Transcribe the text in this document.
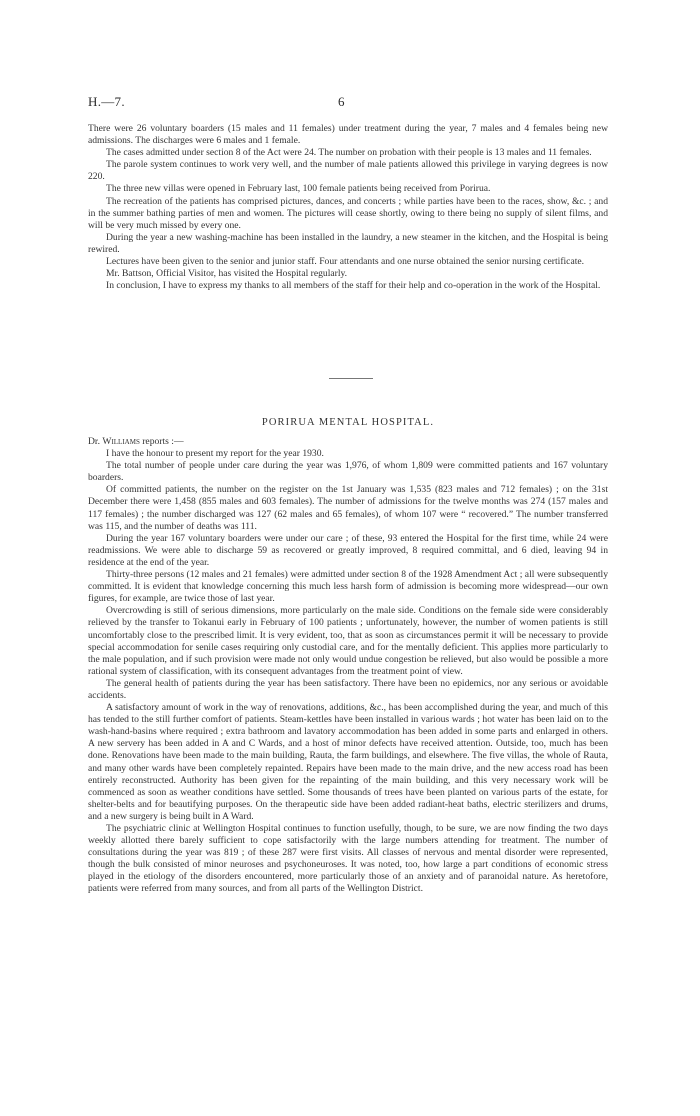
H.—7.	6

There were 26 voluntary boarders (15 males and 11 females) under treatment during the year, 7 males and 4 females being new admissions. The discharges were 6 males and 1 female.

The cases admitted under section 8 of the Act were 24. The number on probation with their people is 13 males and 11 females.

The parole system continues to work very well, and the number of male patients allowed this privilege in varying degrees is now 220.

The three new villas were opened in February last, 100 female patients being received from Porirua.

The recreation of the patients has comprised pictures, dances, and concerts ; while parties have been to the races, show, &c. ; and in the summer bathing parties of men and women. The pictures will cease shortly, owing to there being no supply of silent films, and will be very much missed by every one.

During the year a new washing-machine has been installed in the laundry, a new steamer in the kitchen, and the Hospital is being rewired.

Lectures have been given to the senior and junior staff. Four attendants and one nurse obtained the senior nursing certificate.

Mr. Battson, Official Visitor, has visited the Hospital regularly.

In conclusion, I have to express my thanks to all members of the staff for their help and co-operation in the work of the Hospital.

PORIRUA MENTAL HOSPITAL.

Dr. Williams reports :—

I have the honour to present my report for the year 1930.

The total number of people under care during the year was 1,976, of whom 1,809 were committed patients and 167 voluntary boarders.

Of committed patients, the number on the register on the 1st January was 1,535 (823 males and 712 females) ; on the 31st December there were 1,458 (855 males and 603 females). The number of admissions for the twelve months was 274 (157 males and 117 females) ; the number discharged was 127 (62 males and 65 females), of whom 107 were “ recovered.” The number transferred was 115, and the number of deaths was 111.

During the year 167 voluntary boarders were under our care ; of these, 93 entered the Hospital for the first time, while 24 were readmissions. We were able to discharge 59 as recovered or greatly improved, 8 required committal, and 6 died, leaving 94 in residence at the end of the year.

Thirty-three persons (12 males and 21 females) were admitted under section 8 of the 1928 Amendment Act ; all were subsequently committed. It is evident that knowledge concerning this much less harsh form of admission is becoming more widespread—our own figures, for example, are twice those of last year.

Overcrowding is still of serious dimensions, more particularly on the male side. Conditions on the female side were considerably relieved by the transfer to Tokanui early in February of 100 patients ; unfortunately, however, the number of women patients is still uncomfortably close to the prescribed limit. It is very evident, too, that as soon as circumstances permit it will be necessary to provide special accommodation for senile cases requiring only custodial care, and for the mentally deficient. This applies more particularly to the male population, and if such provision were made not only would undue congestion be relieved, but also would be possible a more rational system of classification, with its consequent advantages from the treatment point of view.

The general health of patients during the year has been satisfactory. There have been no epidemics, nor any serious or avoidable accidents.

A satisfactory amount of work in the way of renovations, additions, &c., has been accomplished during the year, and much of this has tended to the still further comfort of patients. Steam-kettles have been installed in various wards ; hot water has been laid on to the wash-hand-basins where required ; extra bathroom and lavatory accommodation has been added in some parts and enlarged in others. A new servery has been added in A and C Wards, and a host of minor defects have received attention. Outside, too, much has been done. Renovations have been made to the main building, Rauta, the farm buildings, and elsewhere. The five villas, the whole of Rauta, and many other wards have been completely repainted. Repairs have been made to the main drive, and the new access road has been entirely reconstructed. Authority has been given for the repainting of the main building, and this very necessary work will be commenced as soon as weather conditions have settled. Some thousands of trees have been planted on various parts of the estate, for shelter-belts and for beautifying purposes. On the therapeutic side have been added radiant-heat baths, electric sterilizers and drums, and a new surgery is being built in A Ward.

The psychiatric clinic at Wellington Hospital continues to function usefully, though, to be sure, we are now finding the two days weekly allotted there barely sufficient to cope satisfactorily with the large numbers attending for treatment. The number of consultations during the year was 819 ; of these 287 were first visits. All classes of nervous and mental disorder were represented, though the bulk consisted of minor neuroses and psychoneuroses. It was noted, too, how large a part conditions of economic stress played in the etiology of the disorders encountered, more particularly those of an anxiety and of paranoidal nature. As heretofore, patients were referred from many sources, and from all parts of the Wellington District.
